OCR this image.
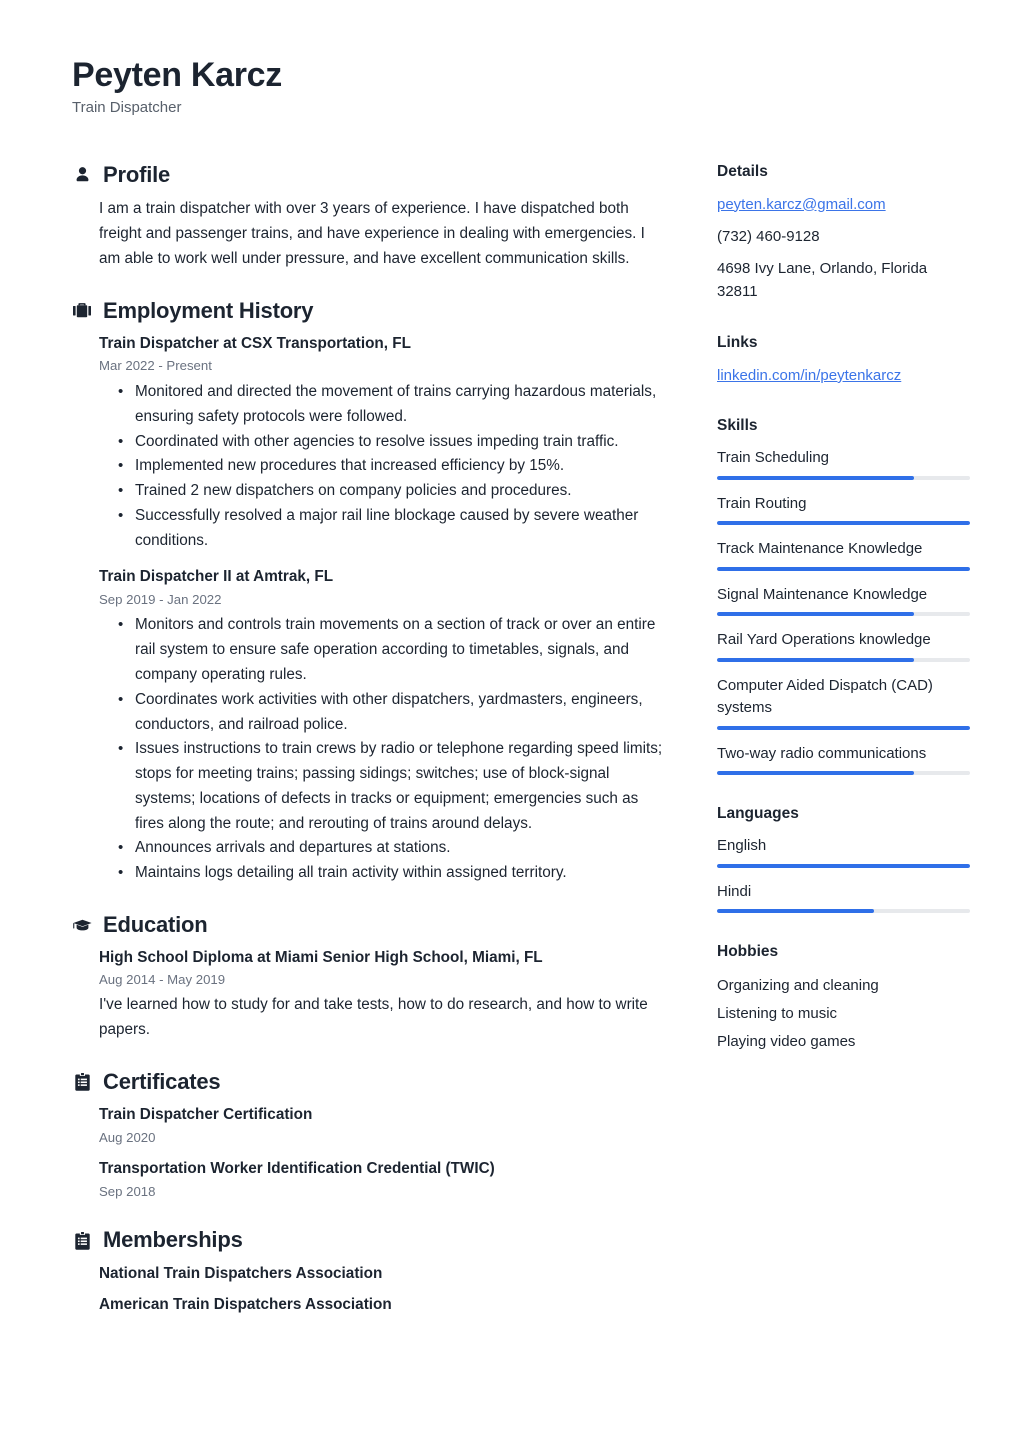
Peyten Karcz
Train Dispatcher
Profile
I am a train dispatcher with over 3 years of experience. I have dispatched both freight and passenger trains, and have experience in dealing with emergencies. I am able to work well under pressure, and have excellent communication skills.
Employment History
Train Dispatcher at CSX Transportation, FL
Mar 2022 - Present
• Monitored and directed the movement of trains carrying hazardous materials, ensuring safety protocols were followed.
• Coordinated with other agencies to resolve issues impeding train traffic.
• Implemented new procedures that increased efficiency by 15%.
• Trained 2 new dispatchers on company policies and procedures.
• Successfully resolved a major rail line blockage caused by severe weather conditions.
Train Dispatcher II at Amtrak, FL
Sep 2019 - Jan 2022
• Monitors and controls train movements on a section of track or over an entire rail system to ensure safe operation according to timetables, signals, and company operating rules.
• Coordinates work activities with other dispatchers, yardmasters, engineers, conductors, and railroad police.
• Issues instructions to train crews by radio or telephone regarding speed limits; stops for meeting trains; passing sidings; switches; use of block-signal systems; locations of defects in tracks or equipment; emergencies such as fires along the route; and rerouting of trains around delays.
• Announces arrivals and departures at stations.
• Maintains logs detailing all train activity within assigned territory.
Education
High School Diploma at Miami Senior High School, Miami, FL
Aug 2014 - May 2019
I've learned how to study for and take tests, how to do research, and how to write papers.
Certificates
Train Dispatcher Certification
Aug 2020
Transportation Worker Identification Credential (TWIC)
Sep 2018
Memberships
National Train Dispatchers Association
American Train Dispatchers Association
Details
peyten.karcz@gmail.com
(732) 460-9128
4698 Ivy Lane, Orlando, Florida 32811
Links
linkedin.com/in/peytenkarcz
Skills
Train Scheduling
Train Routing
Track Maintenance Knowledge
Signal Maintenance Knowledge
Rail Yard Operations knowledge
Computer Aided Dispatch (CAD) systems
Two-way radio communications
Languages
English
Hindi
Hobbies
Organizing and cleaning
Listening to music
Playing video games
